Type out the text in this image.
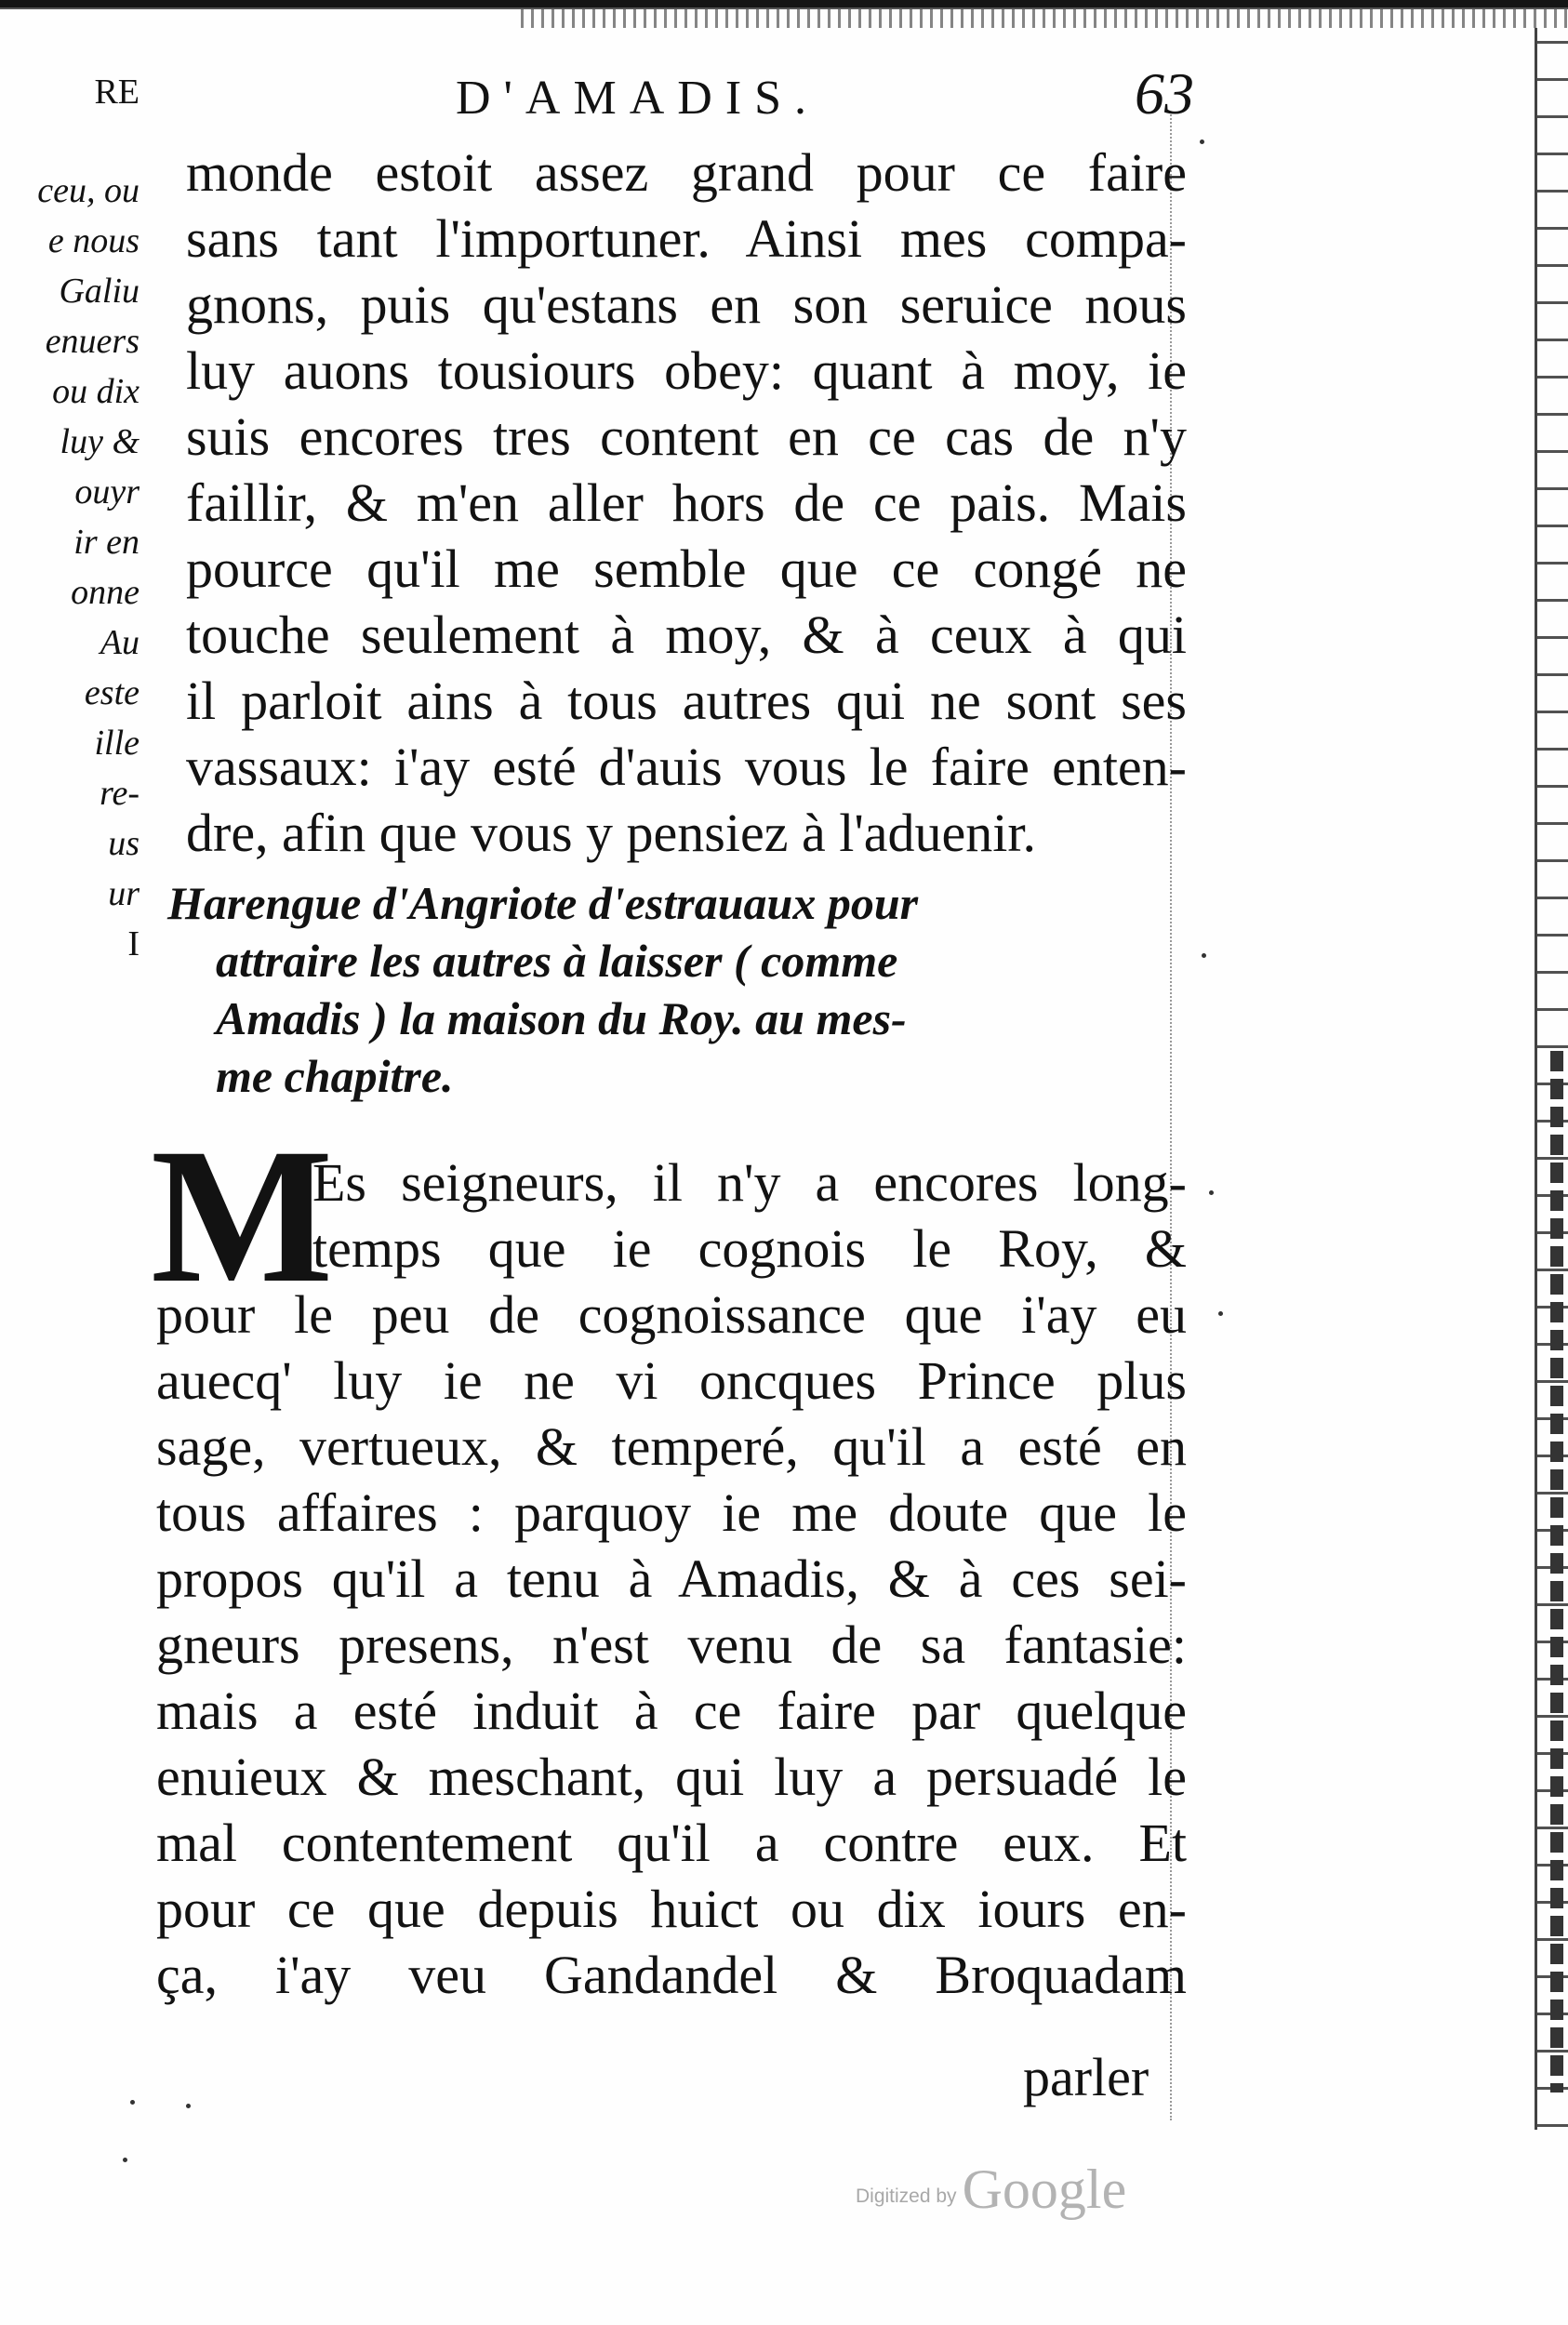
RE
ceu, ou
e nous
Galiu
enuers
ou dix
luy &
ouyr
ir en
onne
Au
este
ille
re-
us
ur
I
D'AMADIS.	63
monde estoit assez grand pour ce faire
sans tant l'importuner. Ainsi mes compa-
gnons, puis qu'estans en son seruice nous
luy auons tousiours obey: quant à moy, ie
suis encores tres content en ce cas de n'y
faillir, & m'en aller hors de ce pais. Mais
pource qu'il me semble que ce congé ne
touche seulement à moy, & à ceux à qui
il parloit ains à tous autres qui ne sont ses
vassaux: i'ay esté d'auis vous le faire enten-
dre, afin que vous y pensiez à l'aduenir.
Harengue d'Angriote d'estrauaux pour
attraire les autres à laisser ( comme
Amadis ) la maison du Roy. au mes-
me chapitre.
M
Es seigneurs, il n'y a encores long-
temps que ie cognois le Roy, &
pour le peu de cognoissance que i'ay eu
auecq' luy ie ne vi oncques Prince plus
sage, vertueux, & temperé, qu'il a esté en
tous affaires : parquoy ie me doute que le
propos qu'il a tenu à Amadis, & à ces sei-
gneurs presens, n'est venu de sa fantasie:
mais a esté induit à ce faire par quelque
enuieux & meschant, qui luy a persuadé le
mal contentement qu'il a contre eux. Et
pour ce que depuis huict ou dix iours en-
ça, i'ay veu Gandandel & Broquadam
parler
Digitized by Google
